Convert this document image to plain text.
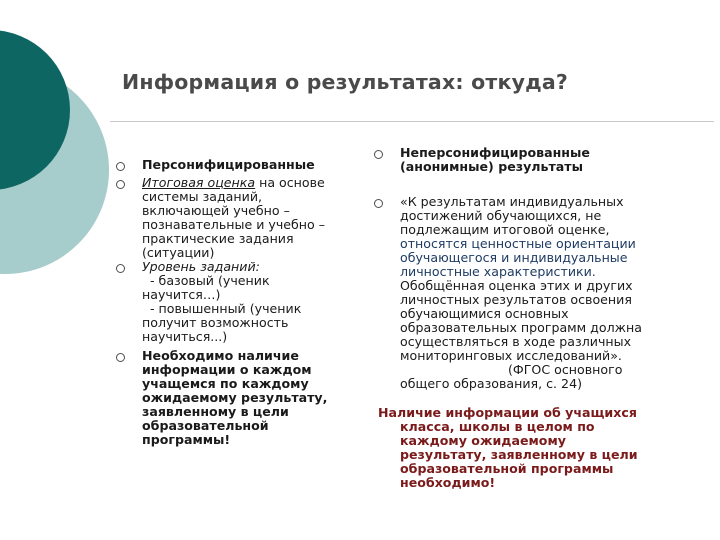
Информация о результатах: откуда?
Персонифицированные
Итоговая оценка на основе
системы заданий,
включающей учебно –
познавательные и учебно –
практические задания
(ситуации)
Уровень заданий:
- базовый (ученик
научится…)
- повышенный (ученик
получит возможность
научиться...)
Необходимо наличие
информации о каждом
учащемся по каждому
ожидаемому результату,
заявленному в цели
образовательной
программы!
Неперсонифицированные
(анонимные) результаты
«К результатам индивидуальных
достижений обучающихся, не
подлежащим итоговой оценке,
относятся ценностные ориентации
обучающегося и индивидуальные
личностные характеристики.
Обобщённая оценка этих и других
личностных результатов освоения
обучающимися основных
образовательных программ должна
осуществляться в ходе различных
мониторинговых исследований».
(ФГОС основного
общего образования, с. 24)
Наличие информации об учащихся
класса, школы в целом по
каждому ожидаемому
результату, заявленному в цели
образовательной программы
необходимо!
